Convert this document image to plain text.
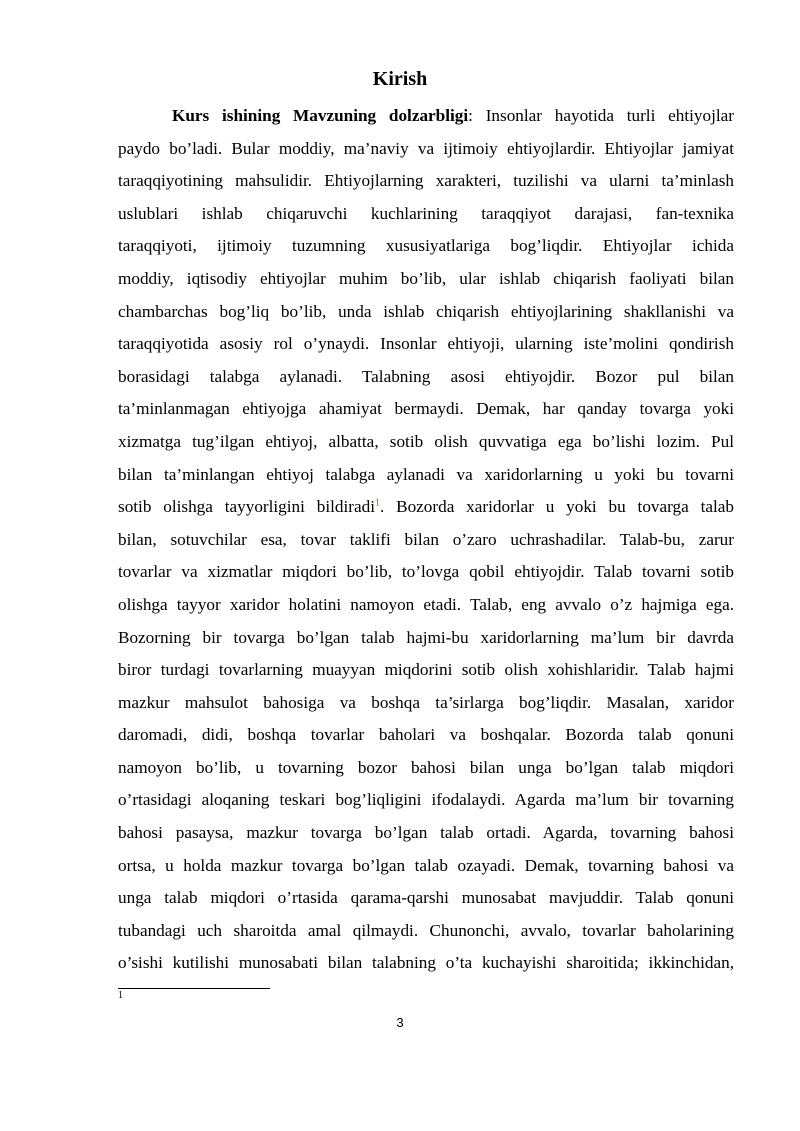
Kirish
Kurs ishining Mavzuning dolzarbligi: Insonlar hayotida turli ehtiyojlar
paydo bo’ladi. Bular moddiy, ma’naviy va ijtimoiy ehtiyojlardir. Ehtiyojlar jamiyat
taraqqiyotining mahsulidir. Ehtiyojlarning xarakteri, tuzilishi va ularni ta’minlash
uslublari ishlab chiqaruvchi kuchlarining taraqqiyot darajasi, fan-texnika
taraqqiyoti, ijtimoiy tuzumning xususiyatlariga bog’liqdir. Ehtiyojlar ichida
moddiy, iqtisodiy ehtiyojlar muhim bo’lib, ular ishlab chiqarish faoliyati bilan
chambarchas bog’liq bo’lib, unda ishlab chiqarish ehtiyojlarining shakllanishi va
taraqqiyotida asosiy rol o’ynaydi. Insonlar ehtiyoji, ularning iste’molini qondirish
borasidagi talabga aylanadi. Talabning asosi ehtiyojdir. Bozor pul bilan
ta’minlanmagan ehtiyojga ahamiyat bermaydi. Demak, har qanday tovarga yoki
xizmatga tug’ilgan ehtiyoj, albatta, sotib olish quvvatiga ega bo’lishi lozim. Pul
bilan ta’minlangan ehtiyoj talabga aylanadi va xaridorlarning u yoki bu tovarni
sotib olishga tayyorligini bildiradi$^1$. Bozorda xaridorlar u yoki bu tovarga talab
bilan, sotuvchilar esa, tovar taklifi bilan o’zaro uchrashadilar. Talab-bu, zarur
tovarlar va xizmatlar miqdori bo’lib, to’lovga qobil ehtiyojdir. Talab tovarni sotib
olishga tayyor xaridor holatini namoyon etadi. Talab, eng avvalo o’z hajmiga ega.
Bozorning bir tovarga bo’lgan talab hajmi-bu xaridorlarning ma’lum bir davrda
biror turdagi tovarlarning muayyan miqdorini sotib olish xohishlaridir. Talab hajmi
mazkur mahsulot bahosiga va boshqa ta’sirlarga bog’liqdir. Masalan, xaridor
daromadi, didi, boshqa tovarlar baholari va boshqalar. Bozorda talab qonuni
namoyon bo’lib, u tovarning bozor bahosi bilan unga bo’lgan talab miqdori
o’rtasidagi aloqaning teskari bog’liqligini ifodalaydi. Agarda ma’lum bir tovarning
bahosi pasaysa, mazkur tovarga bo’lgan talab ortadi. Agarda, tovarning bahosi
ortsa, u holda mazkur tovarga bo’lgan talab ozayadi. Demak, tovarning bahosi va
unga talab miqdori o’rtasida qarama-qarshi munosabat mavjuddir. Talab qonuni
tubandagi uch sharoitda amal qilmaydi. Chunonchi, avvalo, tovarlar baholarining
o’sishi kutilishi munosabati bilan talabning o’ta kuchayishi sharoitida; ikkinchidan,
1
3
